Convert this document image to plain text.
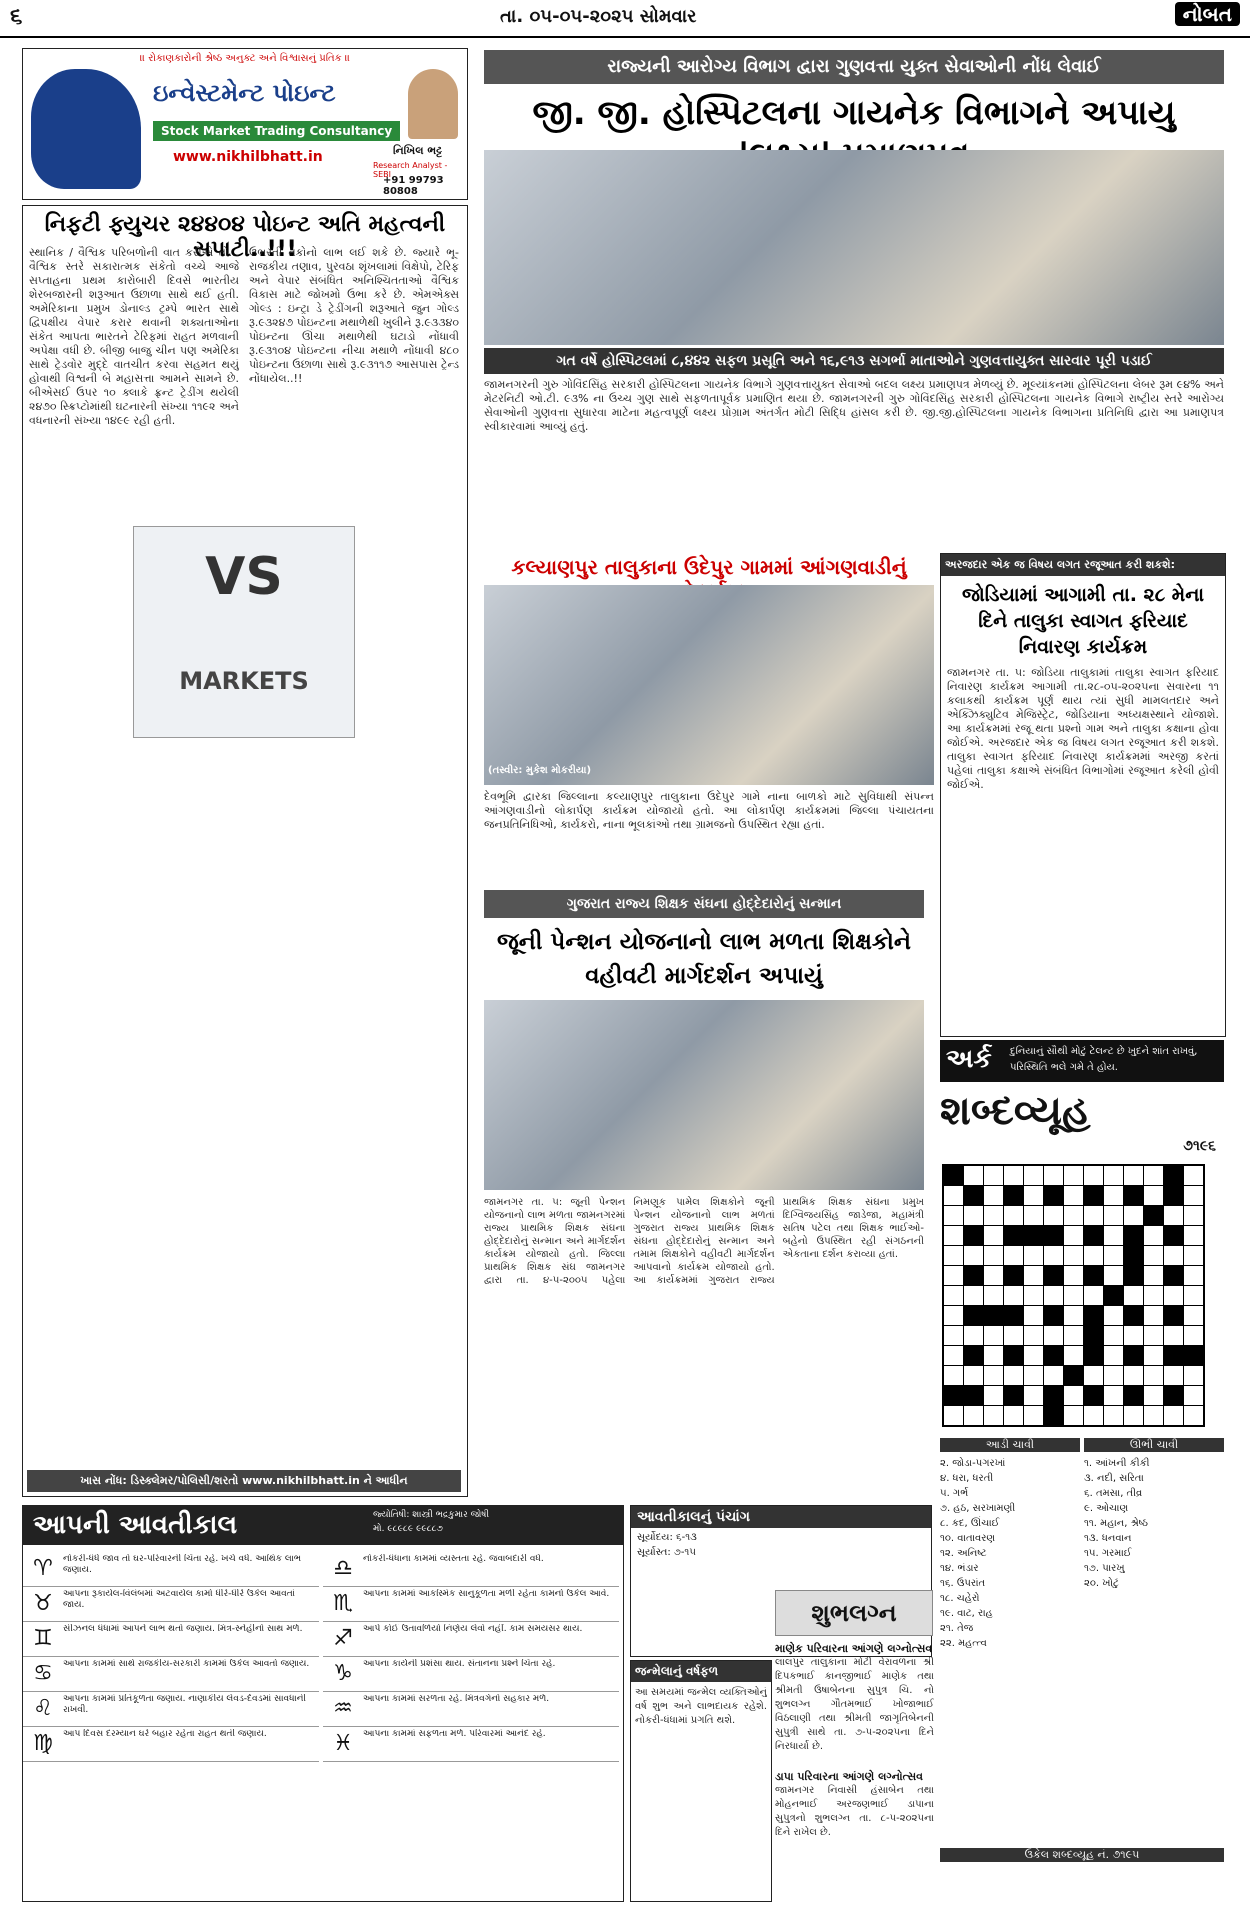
૬	તા. ૦૫-૦૫-૨૦૨૫ સોમવાર	નોબત
॥ રોકાણકારોની શ્રેષ્ઠ અનુક્ટ અને વિશ્વાસનું પ્રતિક ॥
ઇન્વેસ્ટમેન્ટ પોઇન્ટ
Stock Market Trading Consultancy
www.nikhilbhatt.in	નિખિલ ભટ્ટ
Research Analyst - SEBI
+91 99793 80808
નિફટી ફ્યુચર ૨૪૪૦૪ પોઇન્ટ અતિ મહત્વની સપાટી..!!!
સ્થાનિક / વૈશ્વિક પરિબળોની વાત કરીએ તો... વૈશ્વિક સ્તરે સકારાત્મક સંકેતો વચ્ચે આજે સપ્તાહના પ્રથમ કારોબારી દિવસે ભારતીય શેરબજારની શરૂઆત ઉછાળા સાથે થઈ હતી. અમેરિકાના પ્રમુખ ડોનાલ્ડ ટ્રમ્પે ભારત સાથે દ્વિપક્ષીય વેપાર કરાર થવાની શક્યતાઓના સંકેત આપતા ભારતને ટેરિફમાં રાહત મળવાની અપેક્ષા વધી છે. બીજી બાજુ ચીન પણ અમેરિકા સાથે ટ્રેડવોર મુદ્દે વાતચીત કરવા સહમત થયું હોવાથી વિશ્વની બે મહાસત્તા આમને સામને છે. બીએસઈ ઉપર ૧૦ ક્લાકે ફ્રન્ટ ટ્રેડીંગ થયેલી ૨૪૭૦ સ્ક્રિપ્ટોમાંથી ઘટનારની સંખ્યા ૧૧૯૨ અને વધનારની સંખ્યા ૧૪૯૯ રહી હતી.
ઉભરતી તકોનો લાભ લઈ શકે છે. જ્યારે ભૂ-રાજકીય તણાવ, પુરવઠા શૃંખલામાં વિક્ષેપો, ટેરિફ અને વેપાર સંબંધિત અનિશ્ચિતતાઓ વૈશ્વિક વિકાસ માટે જોખમો ઉભા કરે છે. એમએક્સ ગોલ્ડ : ઇન્ટ્રા ડે ટ્રેડીંગની શરૂઆતે જુન ગોલ્ડ રૂ.૯૩૨૪૭ પોઇન્ટના મથાળેથી ખુલીને રૂ.૯૩૩૪૦ પોઇન્ટના ઊંચા મથાળેથી ઘટાડો નોંધાવી રૂ.૯૩૧૦૪ પોઇન્ટના નીચા મથાળે નોંધાવી ૪૮૦ પોઇન્ટના ઉછાળા સાથે રૂ.૯૩૧૧૭ આસપાસ ટ્રેન્ડ નોંધાયેલ..!!
VS
MARKETS
ખાસ નોંધ: ડિસ્ક્લેમર/પોલિસી/શરતો www.nikhilbhatt.in ને આધીન
આપની આવતીકાલ	જ્યોતિષી: શાસ્ત્રી ભદ્રકુમાર જોષી
મો. ૯૮૯૮૯ ૯૯૮૮૭
♈	નોકરી-ધંધે જાવ તો ઘર-પરિવારની ચિંતા રહે. ખર્ચ વધે. આર્થિક લાભ જણાય.
♉	આપના રૂકાયેલ-વિલંબમાં અટવાયેલ કામો ધીરે-ધીરે ઉકેલ આવતાં જાય.
♊	સીઝનલ ધંધામાં આપને લાભ થતો જણાય. મિત્ર-સ્નેહીનો સાથ મળે.
♋	આપના કામમાં સાથે રાજકીય-સરકારી કામમાં ઉકેલ આવતો જણાય.
♌	આપના કામમાં પ્રતિકૂળતા જણાય. નાણાકીય લેવડ-દેવડમાં સાવધાની રાખવી.
♍	આપ દિવસ દરમ્યાન ઘરે બહાર રહેતા રાહત થતી જણાય.
♎	નોકરી-ધંધાના કામમાં વ્યસ્તતા રહે. જવાબદારી વધે.
♏	આપના કામમાં આકસ્મિક સાનુકૂળતા મળી રહેતા કામનો ઉકેલ આવે.
♐	આપે કોઈ ઉતાવળિયો નિર્ણય લેવો નહીં. કામ સમયસર થાય.
♑	આપના કાર્યની પ્રશંસા થાય. સંતાનના પ્રશ્ને ચિંતા રહે.
♒	આપના કામમાં સરળતા રહે. મિત્રવર્ગનો સહકાર મળે.
♓	આપના કામમાં સફળતા મળે. પરિવારમાં આનંદ રહે.
રાજ્યની આરોગ્ય વિભાગ દ્વારા ગુણવત્તા યુક્ત સેવાઓની નોંધ લેવાઈ
જી. જી. હોસ્પિટલના ગાયનેક વિભાગને અપાયુ
ગત વર્ષે હોસ્પિટલમાં ૮,૪૪૨ સફળ પ્રસૂતિ અને ૧૬,૯૧૩ સગર્ભા માતાઓને ગુણવત્તાયુક્ત સારવાર પૂરી પડાઈ
જામનગરની ગુરુ ગોવિંદસિંહ સરકારી હોસ્પિટલના ગાયનેક વિભાગે ગુણવત્તાયુક્ત સેવાઓ બદલ લક્ષ્ય પ્રમાણપત્ર મેળવ્યું છે. મૂલ્યાંકનમાં હોસ્પિટલના લેબર રૂમ ૯૪% અને મેટરનિટી ઓ.ટી. ૯૩% ના ઉચ્ચ ગુણ સાથે સફળતાપૂર્વક પ્રમાણિત થયા છે. જામનગરની ગુરુ ગોવિંદસિંહ સરકારી હોસ્પિટલના ગાયનેક વિભાગે રાષ્ટ્રીય સ્તરે આરોગ્ય સેવાઓની ગુણવત્તા સુધારવા માટેના મહત્વપૂર્ણ લક્ષ્ય પ્રોગ્રામ અંતર્ગત મોટી સિદ્ધિ હાંસલ કરી છે. જી.જી.હોસ્પિટલના ગાયનેક વિભાગના પ્રતિનિધિ દ્વારા આ પ્રમાણપત્ર સ્વીકારવામાં આવ્યું હતું.
કલ્યાણપુર તાલુકાના ઉદેપુર ગામમાં આંગણવાડીનું
(તસ્વીર: મુકેશ મોકરીયા)
દેવભૂમિ દ્વારકા જિલ્લાના કલ્યાણપુર તાલુકાના ઉદેપુર ગામે નાના બાળકો માટે સુવિધાથી સંપન્ન આંગણવાડીનો લોકાર્પણ કાર્યક્રમ યોજાયો હતો. આ લોકાર્પણ કાર્યક્રમમાં જિલ્લા પંચાયતના જનપ્રતિનિધિઓ, કાર્યકરો, નાના ભૂલકાંઓ તથા ગ્રામજનો ઉપસ્થિત રહ્યા હતાં.
અરજદાર એક જ વિષય લગત રજૂઆત કરી શકશે:
જોડિયામાં આગામી તા. ૨૮ મેના દિને તાલુકા સ્વાગત ફરિયાદ નિવારણ કાર્યક્રમ
જામનગર તા. ૫: જોડિયા તાલુકામાં તાલુકા સ્વાગત ફરિયાદ નિવારણ કાર્યક્રમ આગામી તા.૨૮-૦૫-૨૦૨૫ના સવારના ૧૧ કલાકથી કાર્યક્રમ પૂર્ણ થાય ત્યાં સુધી મામલતદાર અને એક્ઝિક્યુટિવ મેજિસ્ટ્રેટ, જોડિયાના અધ્યક્ષસ્થાને યોજાશે. આ કાર્યક્રમમાં રજૂ થતા પ્રશ્નો ગામ અને તાલુકા કક્ષાના હોવા જોઈએ. અરજદાર એક જ વિષય લગત રજૂઆત કરી શકશે. તાલુકા સ્વાગત ફરિયાદ નિવારણ કાર્યક્રમમાં અરજી કરતાં પહેલાં તાલુકા કક્ષાએ સંબંધિત વિભાગોમાં રજૂઆત કરેલી હોવી જોઈએ.
ગુજરાત રાજ્ય શિક્ષક સંઘના હોદ્દેદારોનું સન્માન
જૂની પેન્શન યોજનાનો લાભ મળતા શિક્ષકોને વહીવટી માર્ગદર્શન અપાયું
જામનગર તા. ૫: જૂની પેન્શન યોજનાનો લાભ મળતા જામનગરમાં રાજ્ય પ્રાથમિક શિક્ષક સંઘના હોદ્દેદારોનું સન્માન અને માર્ગદર્શન કાર્યક્રમ યોજાયો હતો. જિલ્લા પ્રાથમિક શિક્ષક સંઘ જામનગર દ્વારા તા. ૪-૫-૨૦૦૫ પહેલા નિમણૂક પામેલ શિક્ષકોને જૂની પેન્શન યોજનાનો લાભ મળતાં ગુજરાત રાજ્ય પ્રાથમિક શિક્ષક સંઘના હોદ્દેદારોનું સન્માન અને તમામ શિક્ષકોને વહીવટી માર્ગદર્શન આપવાનો કાર્યક્રમ યોજાયો હતો. આ કાર્યક્રમમાં ગુજરાત રાજ્ય પ્રાથમિક શિક્ષક સંઘના પ્રમુખ દિગ્વિજયસિંહ જાડેજા, મહામંત્રી સતિષ પટેલ તથા શિક્ષક ભાઈઓ-બહેનો ઉપસ્થિત રહી સંગઠનની એકતાના દર્શન કરાવ્યા હતાં.
અર્ક દુનિયાનું સૌથી મોટું ટેલન્ટ છે ખુદને શાંત રાખવું, પરિસ્થિતિ ભલે ગમે તે હોય.
શબ્દવ્યૂહ
૭૧૯૬
આડી ચાવી	ઊભી ચાવી
૨. જોડા-પગરખાં
૪. ધરા, ધરતી
૫. ગર્ભ
૭. હઠ, સરખામણી
૮. કદ, ઊંચાઈ
૧૦. વાતાવરણ
૧૨. અનિષ્ટ
૧૪. ભંડાર
૧૬. ઉપરાંત
૧૮. ચહેરો
૧૯. વાટ, રાહ
૨૧. તેજ
૨૨. મહત્ત્વ
૧. આંખની કીકી
૩. નદી, સરિતા
૬. તમસા, તીવ્ર
૯. ઓચાણ
૧૧. મહાન, શ્રેષ્ઠ
૧૩. ધનવાન
૧૫. ગરમાઈ
૧૭. પારખુ
૨૦. ખોટું
ઉકેલ શબ્દવ્યૂહ નં. ૭૧૯૫
આવતીકાલનું પંચાંગ
સૂર્યોદય: ૬-૧૩
સૂર્યાસ્ત: ૭-૧૫
જન્મેલાનું વર્ષફળ
આ સમયમાં જન્મેલ વ્યક્તિઓનું વર્ષ શુભ અને લાભદાયક રહેશે. નોકરી-ધંધામાં પ્રગતિ થશે.
શુભલગ્ન
માણેક પરિવારના આંગણે લગ્નોત્સવ
લાલપુર તાલુકાના મોટી વેરાવળના શ્રી દિપકભાઈ કાનજીભાઈ માણેક તથા શ્રીમતી ઉષાબેનના સુપુત્ર ચિ. નો શુભલગ્ન ગૌતમભાઈ ખોજાભાઈ વિઠલાણી તથા શ્રીમતી જાગૃતિબેનની સુપુત્રી સાથે તા. ૭-૫-૨૦૨૫ના દિને નિરધાર્યા છે.
ડાપા પરિવારના આંગણે લગ્નોત્સવ
જામનગર નિવાસી હંસાબેન તથા મોહનભાઈ અરજણભાઈ ડાપાના સુપુત્રનો શુભલગ્ન તા. ૮-૫-૨૦૨૫ના દિને રાખેલ છે.
